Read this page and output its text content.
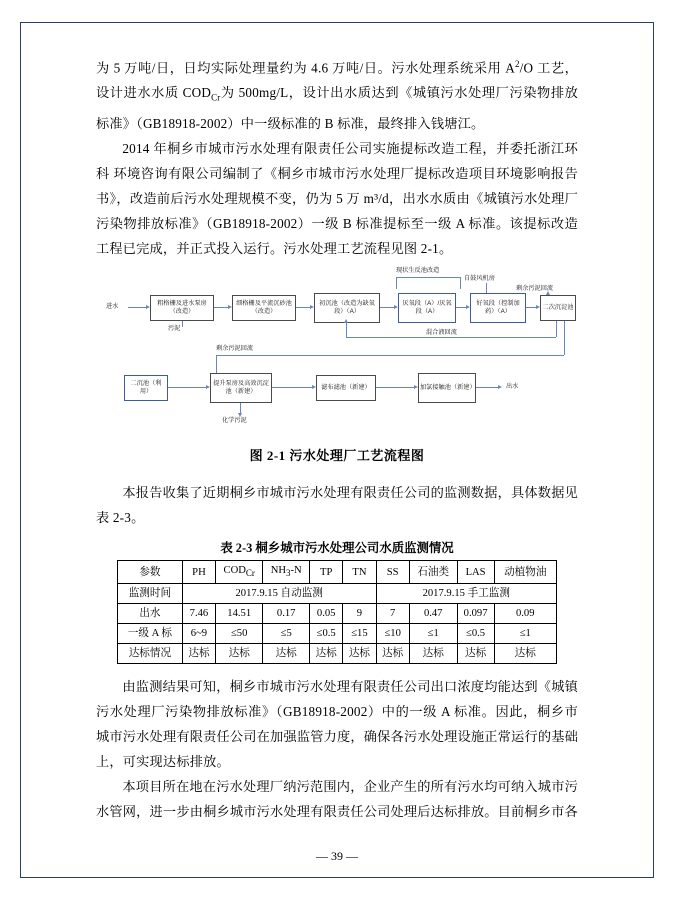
为 5 万吨/日，日均实际处理量约为 4.6 万吨/日。污水处理系统采用 $A^2/O$ 工艺，设计进水水质 $COD_{Cr}$为 500mg/L，设计出水质达到《城镇污水处理厂污染物排放标准》（GB18918-2002）中一级标准的 B 标准，最终排入钱塘江。

2014 年桐乡市城市污水处理有限责任公司实施提标改造工程，并委托浙江环科 环境咨询有限公司编制了《桐乡市城市污水处理厂提标改造项目环境影响报告书》，改造前后污水处理规模不变，仍为 5 万 m³/d，出水水质由《城镇污水处理厂污染物排放标准》（GB18918-2002）一级 B 标准提标至一级 A 标准。该提标改造工程已完成，并正式投入运行。污水处理工艺流程见图 2-1。

现状生反池改造
自鼓风机房
剩余污泥回流
进水	粗格栅及进水泵房（改造）
细格栅及平流沉砂池（改造）
初沉池（改造为缺氧段）（A）
厌氧段（A）/厌氧段（A）
好氧段（控制加药）（A）
二次沉淀池
污泥
混合液回流
剩余污泥回流
二沉池（利用）
提升泵房及高效沉淀池（新建）
滤布滤池（新建）	加氯接触池（新建）	出水
化学污泥
图 2-1 污水处理厂工艺流程图

本报告收集了近期桐乡市城市污水处理有限责任公司的监测数据，具体数据见表 2-3。

表 2-3 桐乡城市污水处理公司水质监测情况
参数	PH	$COD_{Cr}$	$NH_3-N$	TP	TN	SS	石油类	LAS	动植物油
监测时间	2017.9.15 自动监测					2017.9.15 手工监测			
出水	7.46	14.51	0.17	0.05	9	7	0.47	0.097	0.09
一级 A 标	6~9	≤50	≤5	≤0.5	≤15	≤10	≤1	≤0.5	≤1
达标情况	达标	达标	达标	达标	达标	达标	达标	达标	达标

由监测结果可知，桐乡市城市污水处理有限责任公司出口浓度均能达到《城镇污水处理厂污染物排放标准》（GB18918-2002）中的一级 A 标准。因此，桐乡市城市污水处理有限责任公司在加强监管力度，确保各污水处理设施正常运行的基础上，可实现达标排放。

本项目所在地在污水处理厂纳污范围内，企业产生的所有污水均可纳入城市污水管网，进一步由桐乡城市污水处理有限责任公司处理后达标排放。目前桐乡市各

— 39 —
